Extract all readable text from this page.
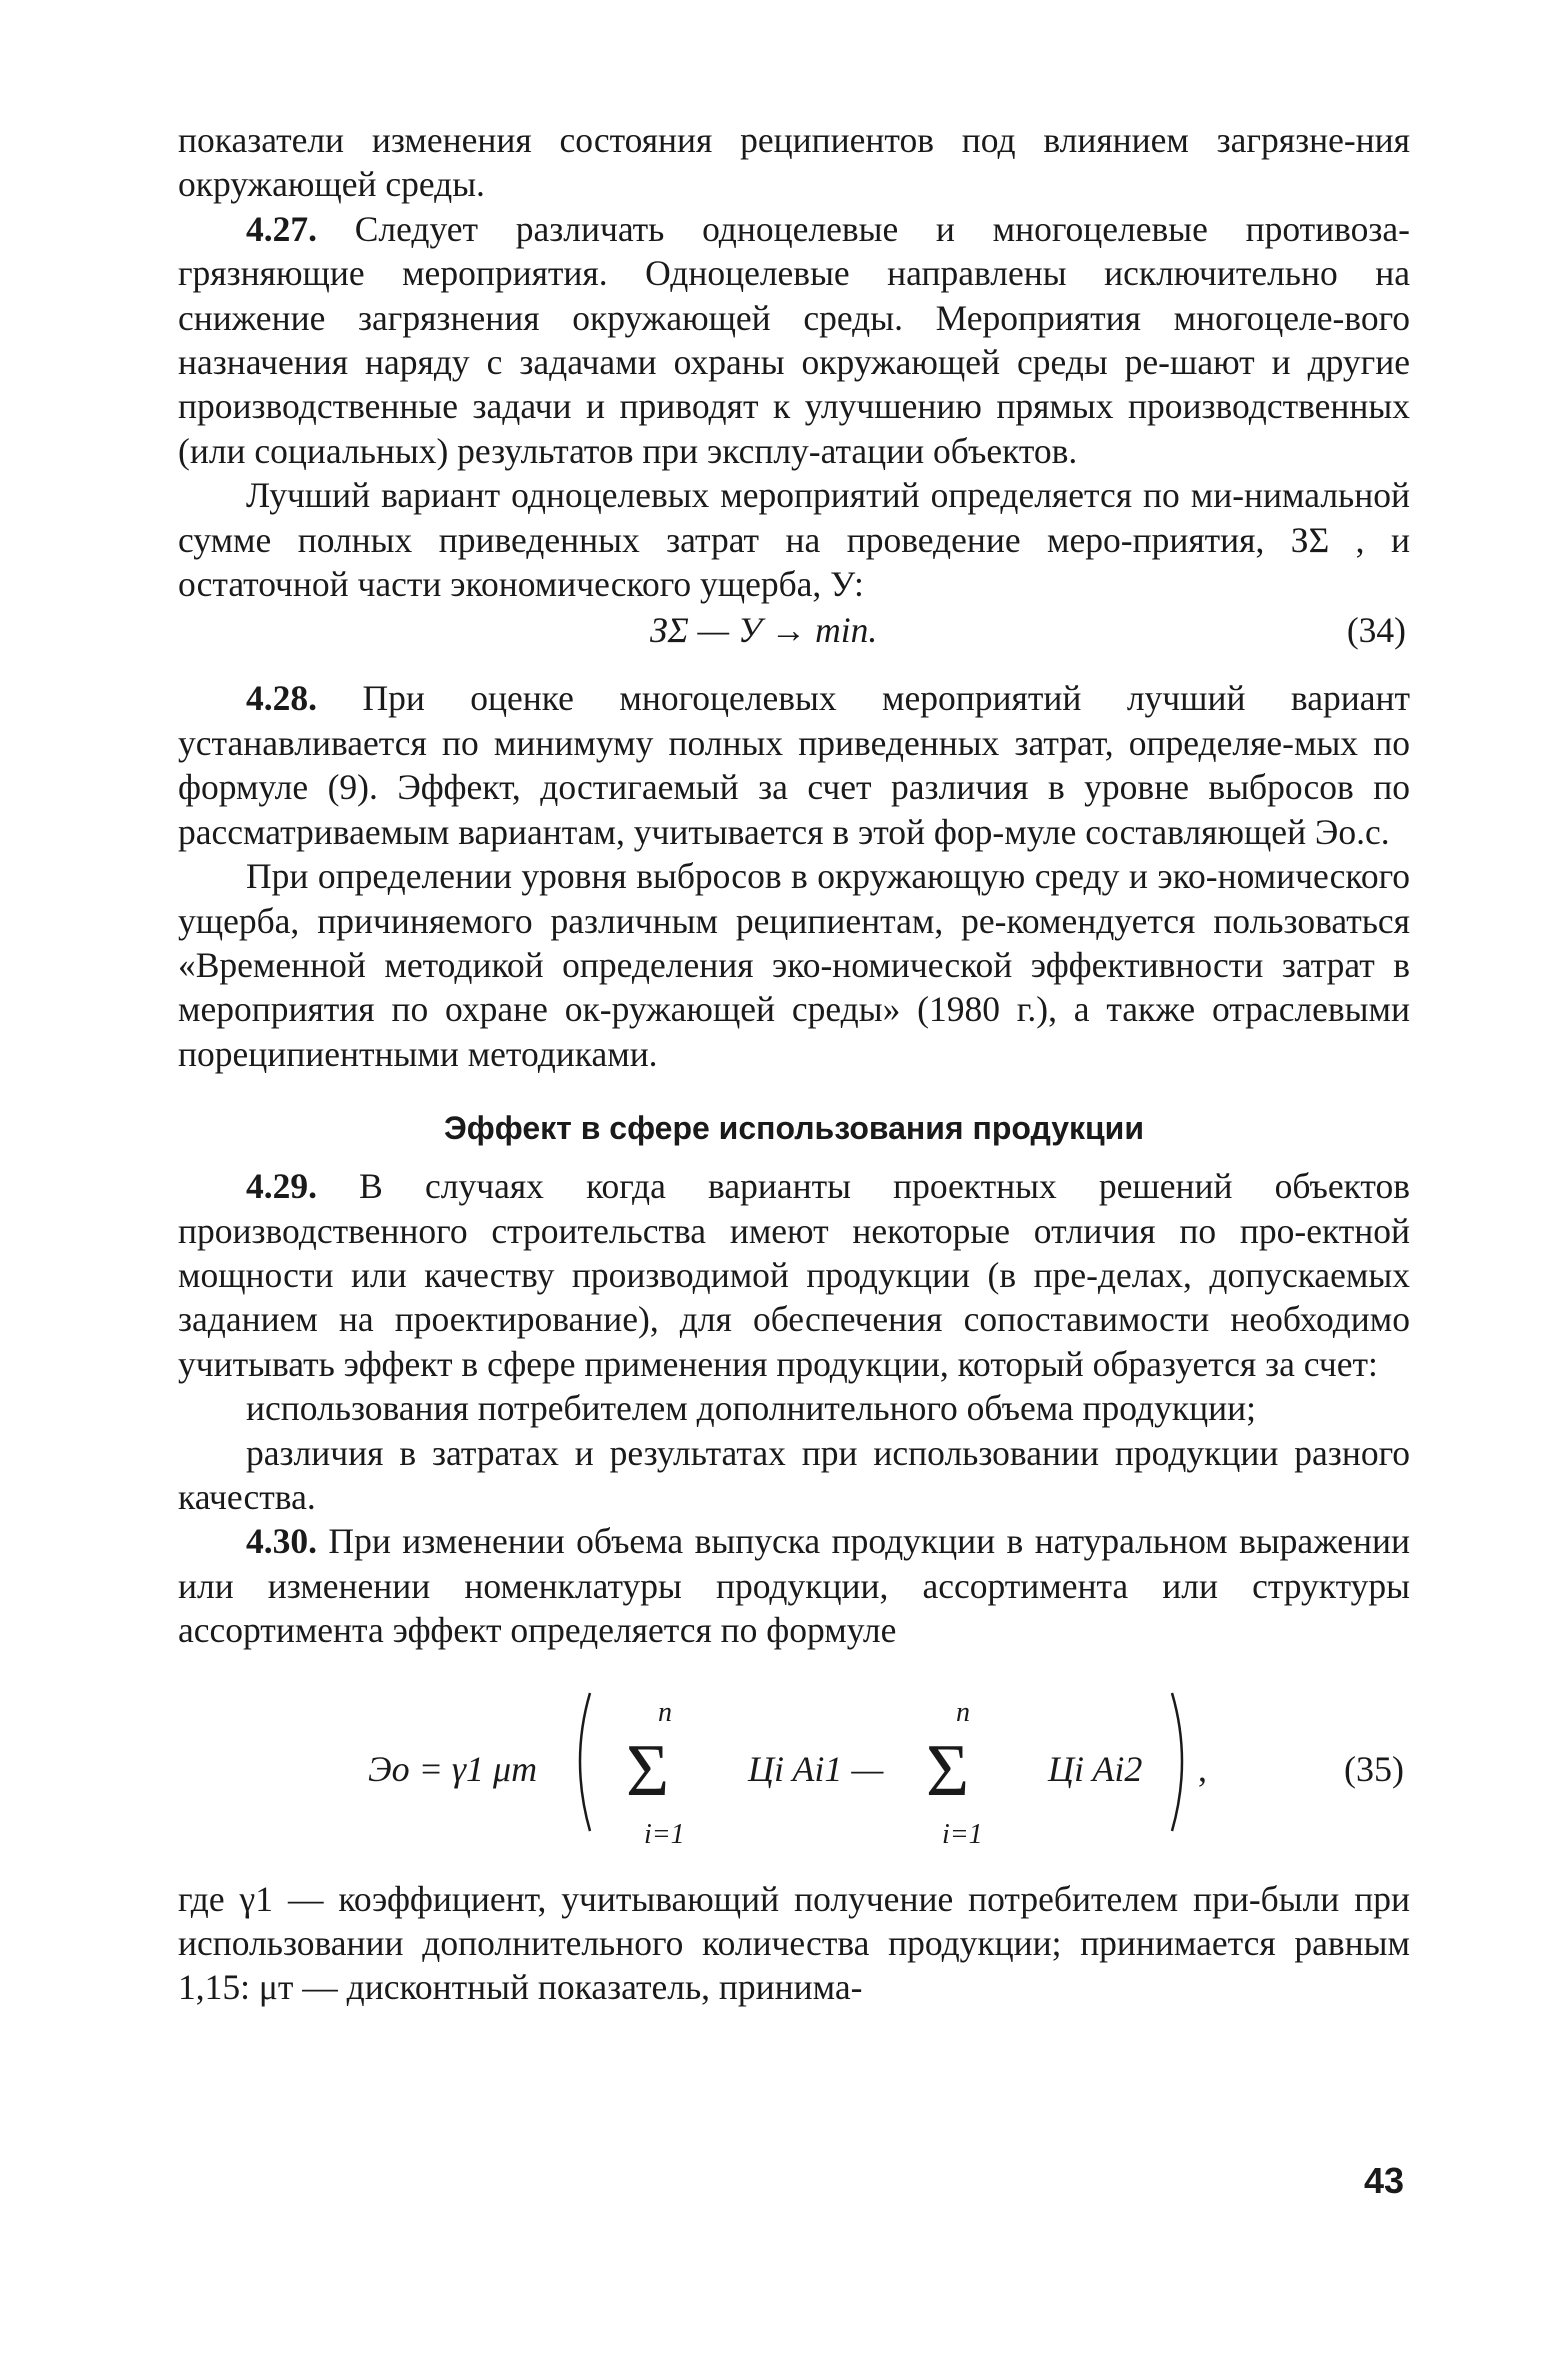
показатели изменения состояния реципиентов под влиянием загрязне-ния окружающей среды.

4.27. Следует различать одноцелевые и многоцелевые противоза-грязняющие мероприятия. Одноцелевые направлены исключительно на снижение загрязнения окружающей среды. Мероприятия многоцеле-вого назначения наряду с задачами охраны окружающей среды ре-шают и другие производственные задачи и приводят к улучшению прямых производственных (или социальных) результатов при эксплу-атации объектов.

Лучший вариант одноцелевых мероприятий определяется по ми-нимальной сумме полных приведенных затрат на проведение меро-приятия, ЗΣ , и остаточной части экономического ущерба, У:

ЗΣ — У → min.	(34)

4.28. При оценке многоцелевых мероприятий лучший вариант устанавливается по минимуму полных приведенных затрат, определяе-мых по формуле (9). Эффект, достигаемый за счет различия в уровне выбросов по рассматриваемым вариантам, учитывается в этой фор-муле составляющей Эо.с.

При определении уровня выбросов в окружающую среду и эко-номического ущерба, причиняемого различным реципиентам, ре-комендуется пользоваться «Временной методикой определения эко-номической эффективности затрат в мероприятия по охране ок-ружающей среды» (1980 г.), а также отраслевыми пореципиентными методиками.

Эффект в сфере использования продукции

4.29. В случаях когда варианты проектных решений объектов производственного строительства имеют некоторые отличия по про-ектной мощности или качеству производимой продукции (в пре-делах, допускаемых заданием на проектирование), для обеспечения сопоставимости необходимо учитывать эффект в сфере применения продукции, который образуется за счет:

использования потребителем дополнительного объема продукции;

различия в затратах и результатах при использовании продукции разного качества.

4.30. При изменении объема выпуска продукции в натуральном выражении или изменении номенклатуры продукции, ассортимента или структуры ассортимента эффект определяется по формуле

Эо = γ1 μт
n
Σ
i=1
Цi Ai1 —
n
Σ
i=1
Цi Ai2 ,	(35)

где γ1 — коэффициент, учитывающий получение потребителем при-были при использовании дополнительного количества продукции; принимается равным 1,15: μт — дисконтный показатель, принима-

43
